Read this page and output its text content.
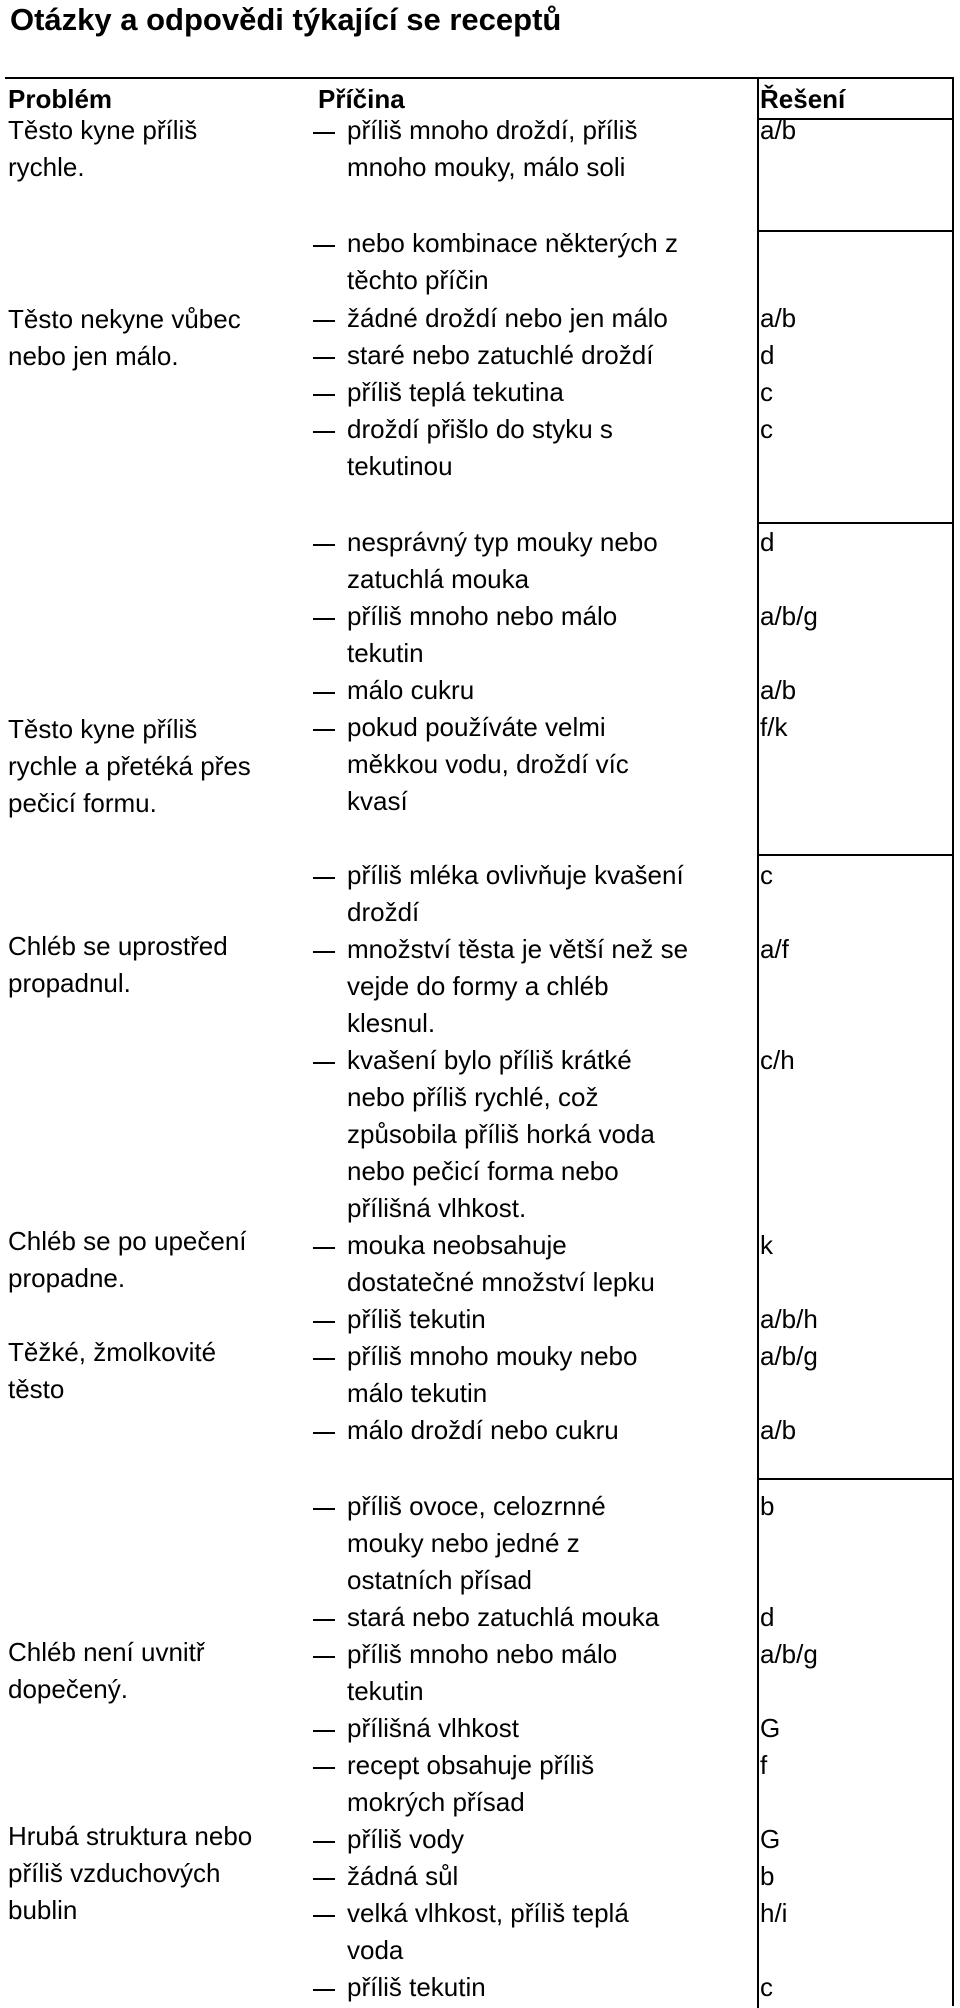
Otázky a odpovědi týkající se receptů
Problém	Příčina	Řešení
Těsto kyne příliš
rychle.
Těsto nekyne vůbec
nebo jen málo.
Těsto kyne příliš
rychle a přetéká přes
pečicí formu.
Chléb se uprostřed
propadnul.
Chléb se po upečení
propadne.
Těžké, žmolkovité
těsto
Chléb není uvnitř
dopečený.
Hrubá struktura nebo
příliš vzduchových
bublin
příliš mnoho droždí, příliš
mnoho mouky, málo soli
nebo kombinace některých z
těchto příčin
žádné droždí nebo jen málo
staré nebo zatuchlé droždí
příliš teplá tekutina
droždí přišlo do styku s
tekutinou
nesprávný typ mouky nebo
zatuchlá mouka
příliš mnoho nebo málo
tekutin
málo cukru
pokud používáte velmi
měkkou vodu, droždí víc
kvasí
příliš mléka ovlivňuje kvašení
droždí
množství těsta je větší než se
vejde do formy a chléb
klesnul.
kvašení bylo příliš krátké
nebo příliš rychlé, což
způsobila příliš horká voda
nebo pečicí forma nebo
přílišná vlhkost.
mouka neobsahuje
dostatečné množství lepku
příliš tekutin
příliš mnoho mouky nebo
málo tekutin
málo droždí nebo cukru
příliš ovoce, celozrnné
mouky nebo jedné z
ostatních přísad
stará nebo zatuchlá mouka
příliš mnoho nebo málo
tekutin
přílišná vlhkost
recept obsahuje příliš
mokrých přísad
příliš vody
žádná sůl
velká vlhkost, příliš teplá
voda
příliš tekutin
a/b
a/b
d
c
c
d
a/b/g
a/b
f/k
c
a/f
c/h
k
a/b/h
a/b/g
a/b
b
d
a/b/g
G
f
G
b
h/i
c
